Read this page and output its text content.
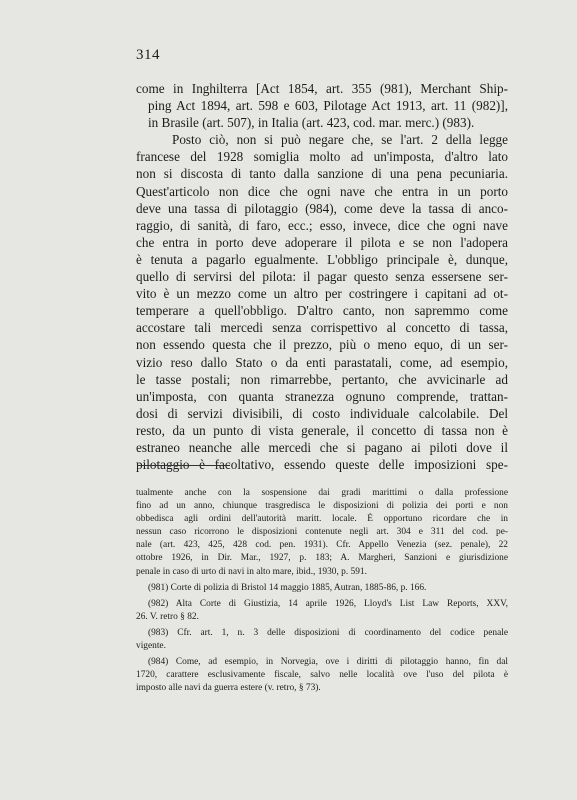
314
come in Inghilterra [Act 1854, art. 355 (981), Merchant Ship-
ping Act 1894, art. 598 e 603, Pilotage Act 1913, art. 11 (982)],
in Brasile (art. 507), in Italia (art. 423, cod. mar. merc.) (983).
Posto ciò, non si può negare che, se l'art. 2 della legge
francese del 1928 somiglia molto ad un'imposta, d'altro lato
non si discosta di tanto dalla sanzione di una pena pecuniaria.
Quest'articolo non dice che ogni nave che entra in un porto
deve una tassa di pilotaggio (984), come deve la tassa di anco-
raggio, di sanità, di faro, ecc.; esso, invece, dice che ogni nave
che entra in porto deve adoperare il pilota e se non l'adopera
è tenuta a pagarlo egualmente. L'obbligo principale è, dunque,
quello di servirsi del pilota: il pagar questo senza essersene ser-
vito è un mezzo come un altro per costringere i capitani ad ot-
temperare a quell'obbligo. D'altro canto, non sapremmo come
accostare tali mercedi senza corrispettivo al concetto di tassa,
non essendo questa che il prezzo, più o meno equo, di un ser-
vizio reso dallo Stato o da enti parastatali, come, ad esempio,
le tasse postali; non rimarrebbe, pertanto, che avvicinarle ad
un'imposta, con quanta stranezza ognuno comprende, trattan-
dosi di servizi divisibili, di costo individuale calcolabile. Del
resto, da un punto di vista generale, il concetto di tassa non è
estraneo neanche alle mercedi che si pagano ai piloti dove il
pilotaggio è facoltativo, essendo queste delle imposizioni spe-
tualmente anche con la sospensione dai gradi marittimi o dalla professione
fino ad un anno, chiunque trasgredisca le disposizioni di polizia dei porti e non
obbedisca agli ordini dell'autorità maritt. locale. È opportuno ricordare che in
nessun caso ricorrono le disposizioni contenute negli art. 304 e 311 del cod. pe-
nale (art. 423, 425, 428 cod. pen. 1931). Cfr. Appello Venezia (sez. penale), 22
ottobre 1926, in Dir. Mar., 1927, p. 183; A. Margheri, Sanzioni e giurisdizione
penale in caso di urto di navi in alto mare, ibid., 1930, p. 591.
(981) Corte di polizia di Bristol 14 maggio 1885, Autran, 1885-86, p. 166.
(982) Alta Corte di Giustizia, 14 aprile 1926, Lloyd's List Law Reports, XXV,
26. V. retro § 82.
(983) Cfr. art. 1, n. 3 delle disposizioni di coordinamento del codice penale
vigente.
(984) Come, ad esempio, in Norvegia, ove i diritti di pilotaggio hanno, fin dal
1720, carattere esclusivamente fiscale, salvo nelle località ove l'uso del pilota è
imposto alle navi da guerra estere (v. retro, § 73).
